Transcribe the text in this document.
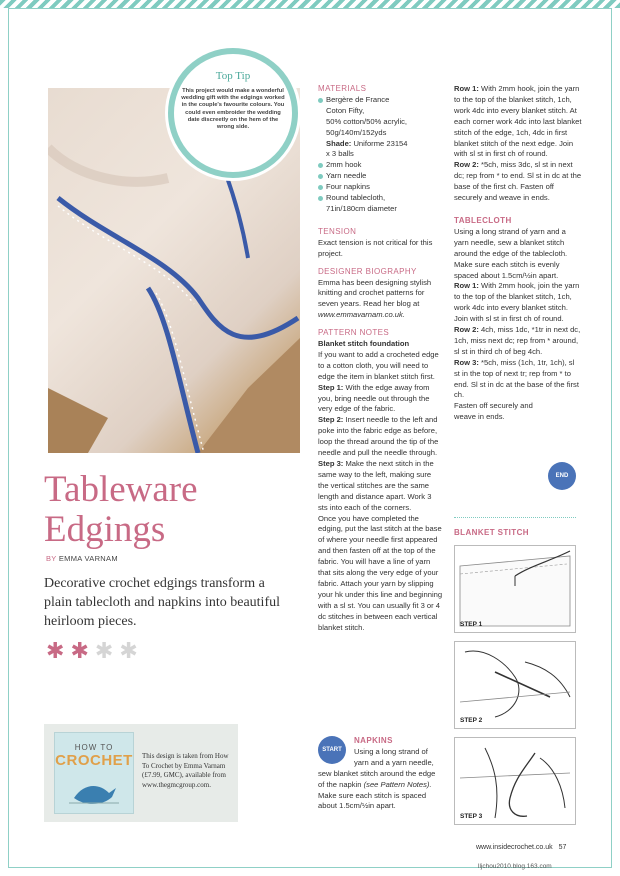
Top Tip

This project would make a wonderful wedding gift with the edgings worked in the couple's favourite colours. You could even embroider the wedding date discreetly on the hem of the wrong side.

Tableware
Edgings
BY EMMA VARNAM
Decorative crochet edgings transform a plain tablecloth and napkins into beautiful heirloom pieces.
✱ ✱ ✱ ✱
HOW TO
CROCHET This design is taken from How To Crochet by Emma Varnam (£7.99, GMC), available from www.thegmcgroup.com.
MATERIALS
Bergère de France
Coton Fifty,
50% cotton/50% acrylic,
50g/140m/152yds
Shade: Uniforme 23154
x 3 balls
2mm hook
Yarn needle
Four napkins
Round tablecloth,
71in/180cm diameter
TENSION
Exact tension is not critical for this project.
DESIGNER BIOGRAPHY
Emma has been designing stylish knitting and crochet patterns for seven years. Read her blog at www.emmavarnam.co.uk.
PATTERN NOTES
Blanket stitch foundation
If you want to add a crocheted edge to a cotton cloth, you will need to edge the item in blanket stitch first.
Step 1: With the edge away from you, bring needle out through the very edge of the fabric.
Step 2: Insert needle to the left and poke into the fabric edge as before, loop the thread around the tip of the needle and pull the needle through.
Step 3: Make the next stitch in the same way to the left, making sure the vertical stitches are the same length and distance apart. Work 3 sts into each of the corners.
Once you have completed the edging, put the last stitch at the base of where your needle first appeared and then fasten off at the top of the fabric. You will have a line of yarn that sits along the very edge of your fabric. Attach your yarn by slipping your hk under this line and beginning with a sl st. You can usually fit 3 or 4 dc stitches in between each vertical blanket stitch.
NAPKINS
Using a long strand of yarn and a yarn needle, sew blanket stitch around the edge of the napkin (see Pattern Notes). Make sure each stitch is spaced about 1.5cm/½in apart.
START
Row 1: With 2mm hook, join the yarn to the top of the blanket stitch, 1ch, work 4dc into every blanket stitch. At each corner work 4dc into last blanket stitch of the edge, 1ch, 4dc in first blanket stitch of the next edge. Join with sl st in first ch of round.
Row 2: *5ch, miss 3dc, sl st in next dc; rep from * to end. Sl st in dc at the base of the first ch. Fasten off securely and weave in ends.
TABLECLOTH
Using a long strand of yarn and a yarn needle, sew a blanket stitch around the edge of the tablecloth. Make sure each stitch is evenly spaced about 1.5cm/½in apart.
Row 1: With 2mm hook, join the yarn to the top of the blanket stitch, 1ch, work 4dc into every blanket stitch. Join with sl st in first ch of round.
Row 2: 4ch, miss 1dc, *1tr in next dc, 1ch, miss next dc; rep from * around, sl st in third ch of beg 4ch.
Row 3: *5ch, miss (1ch, 1tr, 1ch), sl st in the top of next tr; rep from * to end. Sl st in dc at the base of the first ch.
Fasten off securely and weave in ends.
END
BLANKET STITCH
STEP 1
STEP 2
STEP 3
www.insidecrochet.co.uk 57
lljchou2010.blog.163.com
